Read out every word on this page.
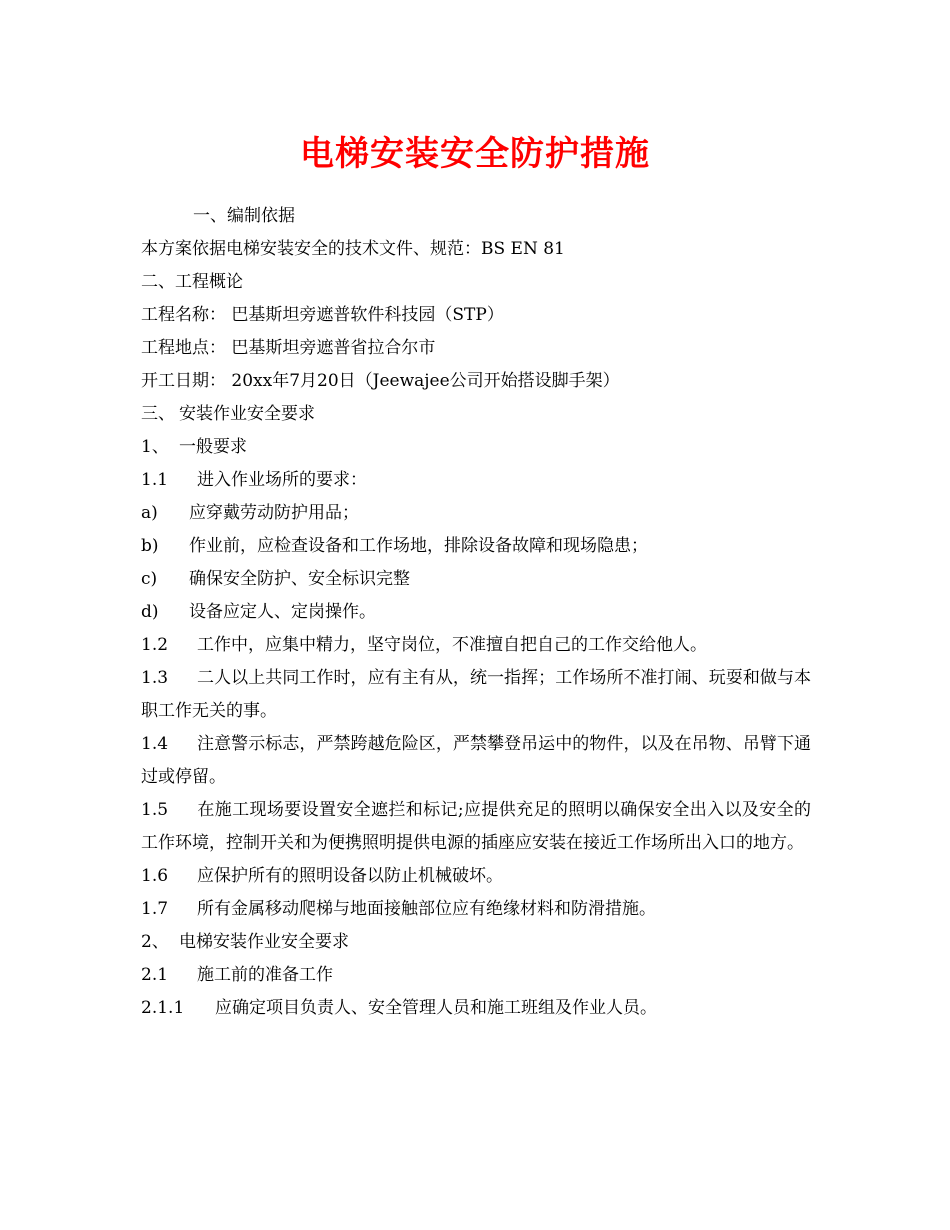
电梯安装安全防护措施
一、编制依据
本方案依据电梯安装安全的技术文件、规范：BS EN 81
二、工程概论
工程名称： 巴基斯坦旁遮普软件科技园（STP）
工程地点： 巴基斯坦旁遮普省拉合尔市
开工日期： 20xx年7月20日（Jeewajee公司开始搭设脚手架）
三、 安装作业安全要求
1、 一般要求
1.1 进入作业场所的要求：
a) 应穿戴劳动防护用品；
b) 作业前，应检查设备和工作场地，排除设备故障和现场隐患；
c) 确保安全防护、安全标识完整
d) 设备应定人、定岗操作。
1.2 工作中，应集中精力，坚守岗位，不准擅自把自己的工作交给他人。
1.3 二人以上共同工作时，应有主有从，统一指挥；工作场所不准打闹、玩耍和做与本职工作无关的事。
1.4 注意警示标志，严禁跨越危险区，严禁攀登吊运中的物件，以及在吊物、吊臂下通过或停留。
1.5 在施工现场要设置安全遮拦和标记;应提供充足的照明以确保安全出入以及安全的工作环境，控制开关和为便携照明提供电源的插座应安装在接近工作场所出入口的地方。
1.6 应保护所有的照明设备以防止机械破坏。
1.7 所有金属移动爬梯与地面接触部位应有绝缘材料和防滑措施。
2、 电梯安装作业安全要求
2.1 施工前的准备工作
2.1.1 应确定项目负责人、安全管理人员和施工班组及作业人员。
